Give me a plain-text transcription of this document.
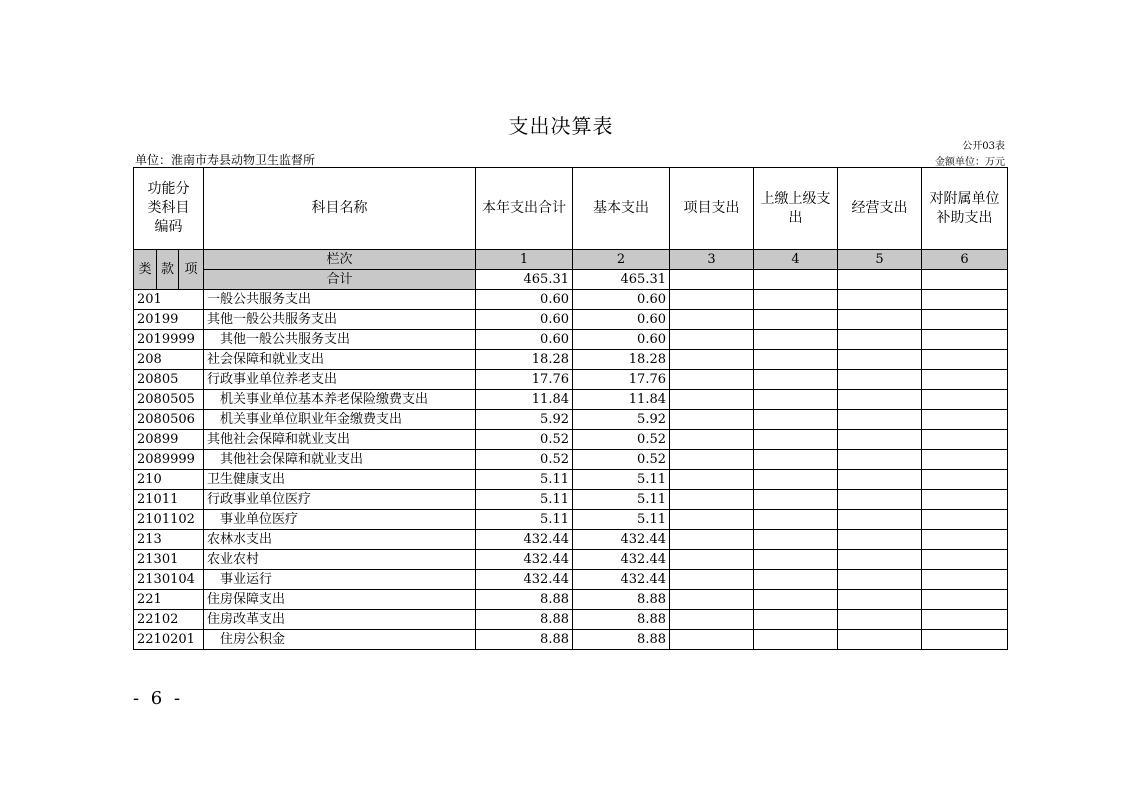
支出决算表
公开03表
单位：淮南市寿县动物卫生监督所	金额单位：万元
功能分类科目编码			科目名称	本年支出合计	基本支出	项目支出	上缴上级支出	经营支出	对附属单位补助支出
类	款	项	栏次	1	2	3	4	5	6
			合计	465.31	465.31				
201			一般公共服务支出	0.60	0.60				
20199			其他一般公共服务支出	0.60	0.60				
2019999			其他一般公共服务支出	0.60	0.60				
208			社会保障和就业支出	18.28	18.28				
20805			行政事业单位养老支出	17.76	17.76				
2080505			机关事业单位基本养老保险缴费支出	11.84	11.84				
2080506			机关事业单位职业年金缴费支出	5.92	5.92				
20899			其他社会保障和就业支出	0.52	0.52				
2089999			其他社会保障和就业支出	0.52	0.52				
210			卫生健康支出	5.11	5.11				
21011			行政事业单位医疗	5.11	5.11				
2101102			事业单位医疗	5.11	5.11				
213			农林水支出	432.44	432.44				
21301			农业农村	432.44	432.44				
2130104			事业运行	432.44	432.44				
221			住房保障支出	8.88	8.88				
22102			住房改革支出	8.88	8.88				
2210201			住房公积金	8.88	8.88				
- 6 -
